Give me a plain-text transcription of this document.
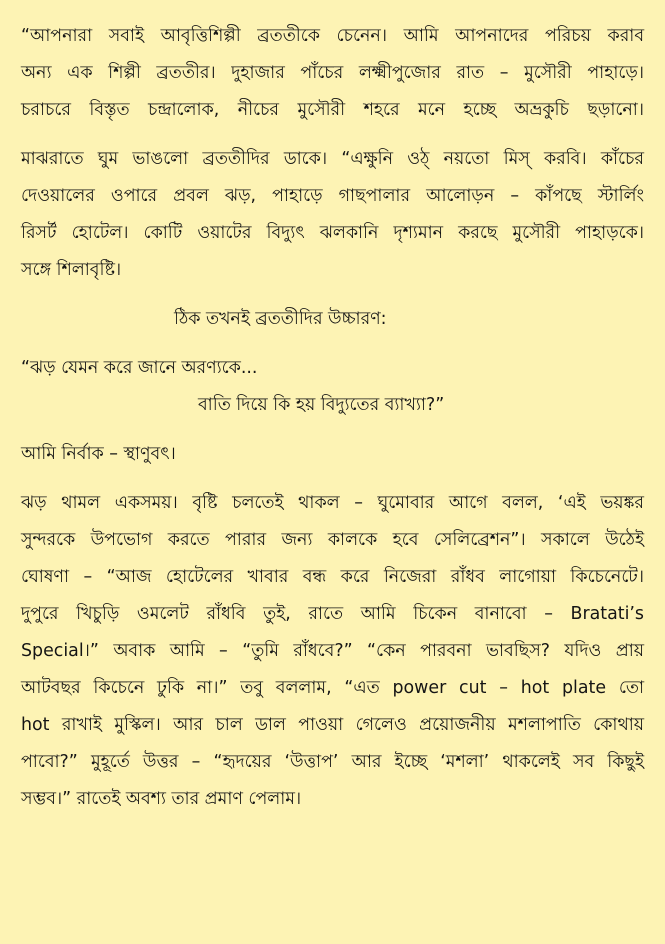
“আপনারা সবাই আবৃত্তিশিল্পী ব্রততীকে চেনেন। আমি আপনাদের পরিচয় করাব
অন্য এক শিল্পী ব্রততীর। দুহাজার পাঁচের লক্ষ্মীপুজোর রাত – মুসৌরী পাহাড়ে।
চরাচরে বিস্তৃত চন্দ্রালোক, নীচের মুসৌরী শহরে মনে হচ্ছে অভ্রকুচি ছড়ানো।
মাঝরাতে ঘুম ভাঙলো ব্রততীদির ডাকে। “এক্ষুনি ওঠ্‌ নয়তো মিস্‌ করবি। কাঁচের
দেওয়ালের ওপারে প্রবল ঝড়, পাহাড়ে গাছপালার আলোড়ন – কাঁপছে স্টার্লিং
রিসর্ট হোটেল। কোটি ওয়াটের বিদ্যুৎ ঝলকানি দৃশ্যমান করছে মুসৌরী পাহাড়কে।
সঙ্গে শিলাবৃষ্টি।

ঠিক তখনই ব্রততীদির উচ্চারণ:

“ঝড় যেমন করে জানে অরণ্যকে...

বাতি দিয়ে কি হয় বিদ্যুতের ব্যাখ্যা?”

আমি নির্বাক – স্থাণুবৎ।

ঝড় থামল একসময়। বৃষ্টি চলতেই থাকল – ঘুমোবার আগে বলল, ‘এই ভয়ঙ্কর
সুন্দরকে উপভোগ করতে পারার জন্য কালকে হবে সেলিব্রেশন”। সকালে উঠেই
ঘোষণা – “আজ হোটেলের খাবার বন্ধ করে নিজেরা রাঁধব লাগোয়া কিচেনেটে।
দুপুরে খিচুড়ি ওমলেট রাঁধবি তুই, রাতে আমি চিকেন বানাবো – Bratati’s
Special।” অবাক আমি – “তুমি রাঁধবে?” “কেন পারবনা ভাবছিস? যদিও প্রায়
আটবছর কিচেনে ঢুকি না।” তবু বললাম, “এত power cut – hot plate তো
hot রাখাই মুস্কিল। আর চাল ডাল পাওয়া গেলেও প্রয়োজনীয় মশলাপাতি কোথায়
পাবো?” মুহূর্তে উত্তর – “হৃদয়ের ‘উত্তাপ’ আর ইচ্ছে ‘মশলা’ থাকলেই সব কিছুই
সম্ভব।” রাতেই অবশ্য তার প্রমাণ পেলাম।
